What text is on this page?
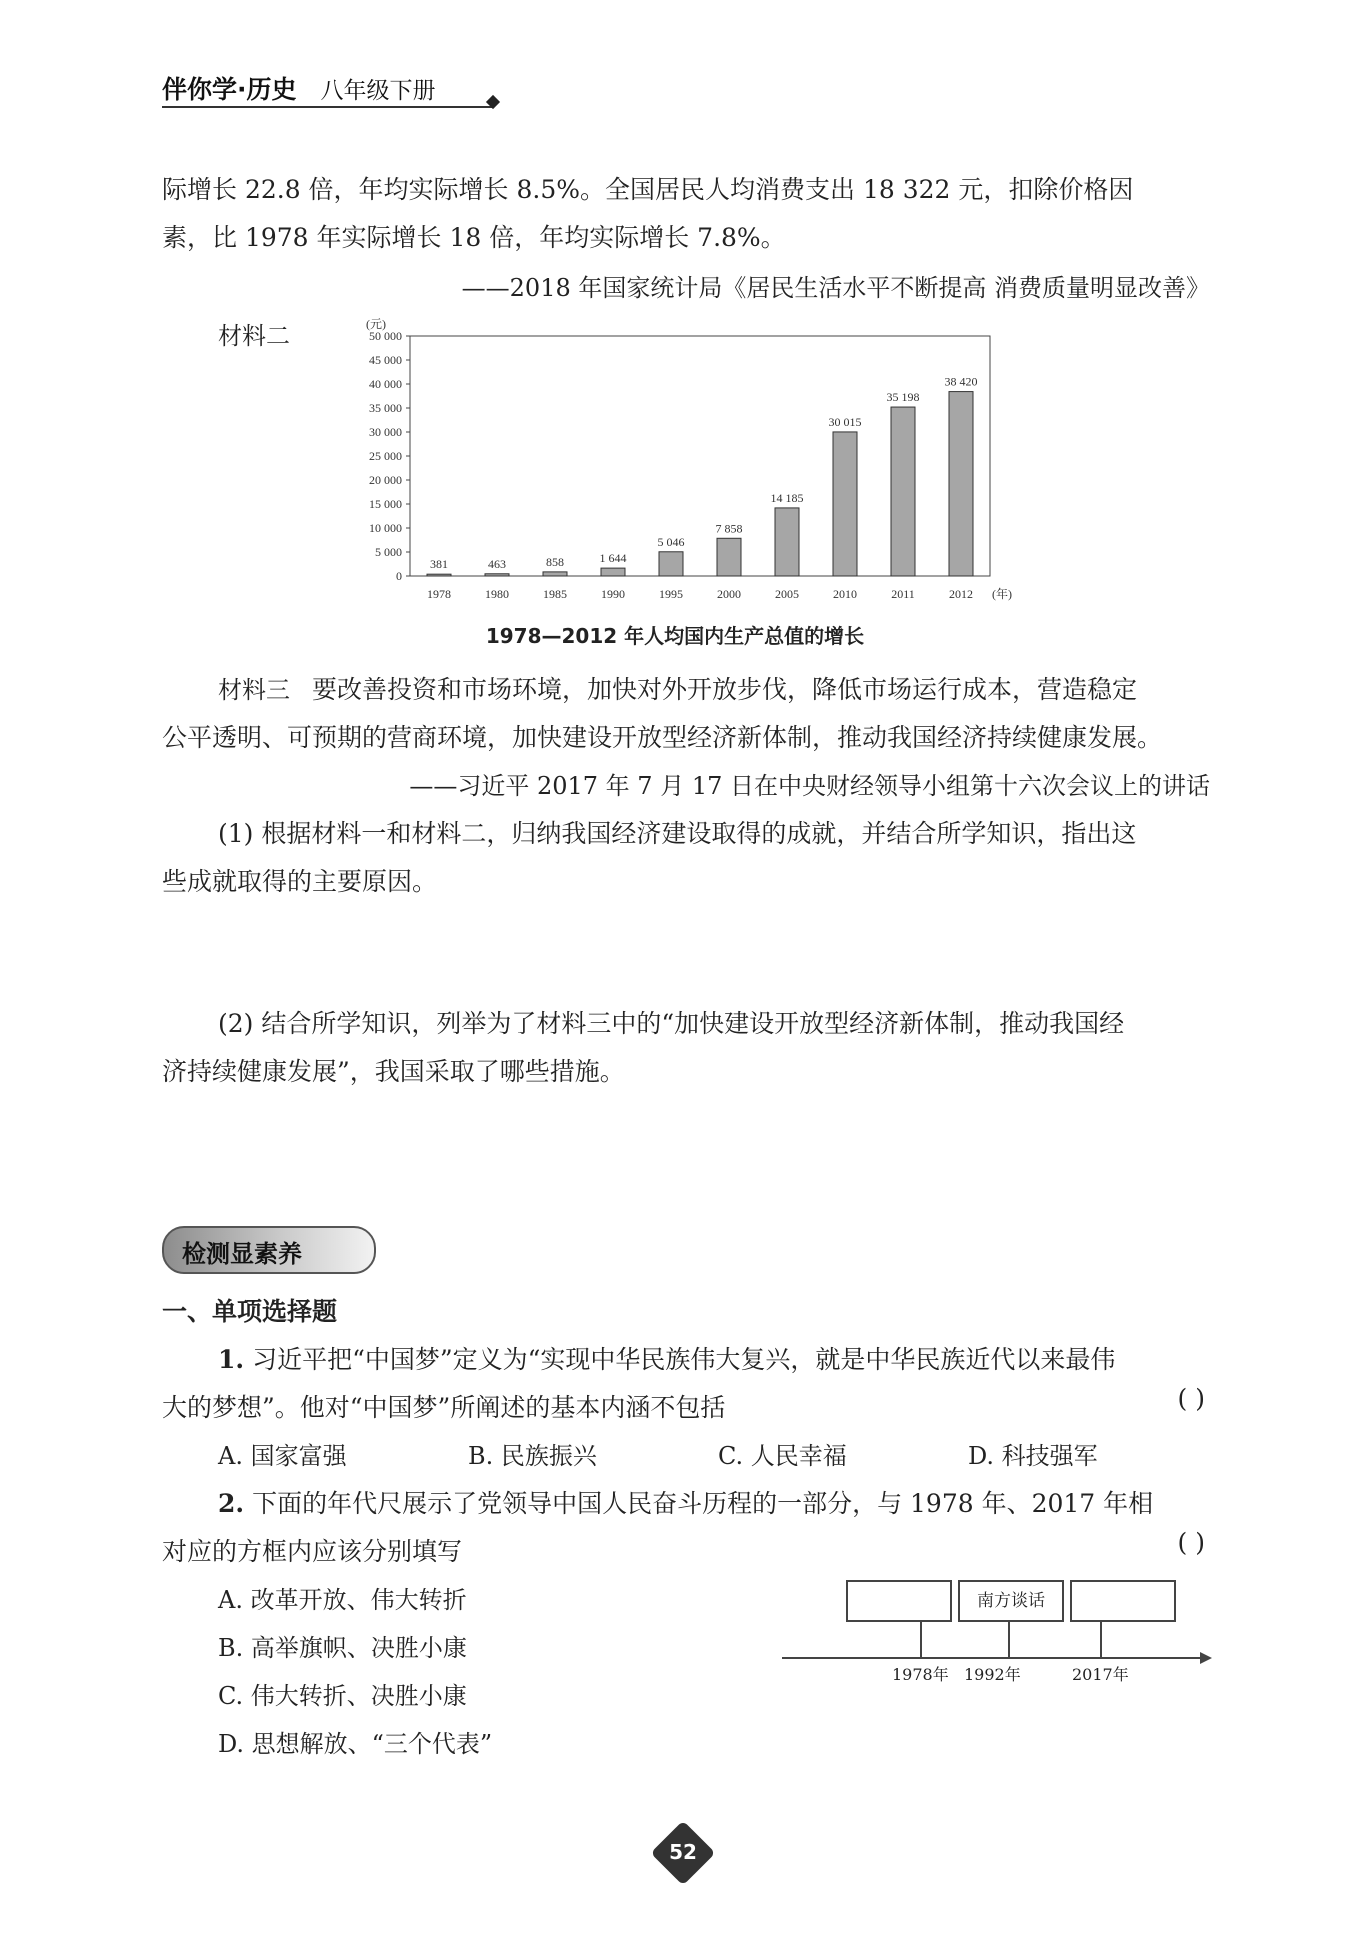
伴你学·历史 八年级下册
际增长 22.8 倍，年均实际增长 8.5%。全国居民人均消费支出 18 322 元，扣除价格因
素，比 1978 年实际增长 18 倍，年均实际增长 7.8%。
——2018 年国家统计局《居民生活水平不断提高 消费质量明显改善》
材料二
0
5 000
10 000
15 000
20 000
25 000
30 000
35 000
40 000
45 000
50 000
(元)
381
1978
463
1980
858
1985
1 644
1990
5 046
1995
7 858
2000
14 185
2005
30 015
2010
35 198
2011
38 420
2012 (年)
1978—2012 年人均国内生产总值的增长
材料三 要改善投资和市场环境，加快对外开放步伐，降低市场运行成本，营造稳定
公平透明、可预期的营商环境，加快建设开放型经济新体制，推动我国经济持续健康发展。
——习近平 2017 年 7 月 17 日在中央财经领导小组第十六次会议上的讲话
(1) 根据材料一和材料二，归纳我国经济建设取得的成就，并结合所学知识，指出这
些成就取得的主要原因。
(2) 结合所学知识，列举为了材料三中的“加快建设开放型经济新体制，推动我国经
济持续健康发展”，我国采取了哪些措施。
检测显素养
一、单项选择题
1. 习近平把“中国梦”定义为“实现中华民族伟大复兴，就是中华民族近代以来最伟
大的梦想”。他对“中国梦”所阐述的基本内涵不包括	( )
A. 国家富强	B. 民族振兴	C. 人民幸福	D. 科技强军
2. 下面的年代尺展示了党领导中国人民奋斗历程的一部分，与 1978 年、2017 年相
对应的方框内应该分别填写	( )
A. 改革开放、伟大转折
B. 高举旗帜、决胜小康
C. 伟大转折、决胜小康
D. 思想解放、“三个代表”
南方谈话
1978年 1992年	2017年
52
